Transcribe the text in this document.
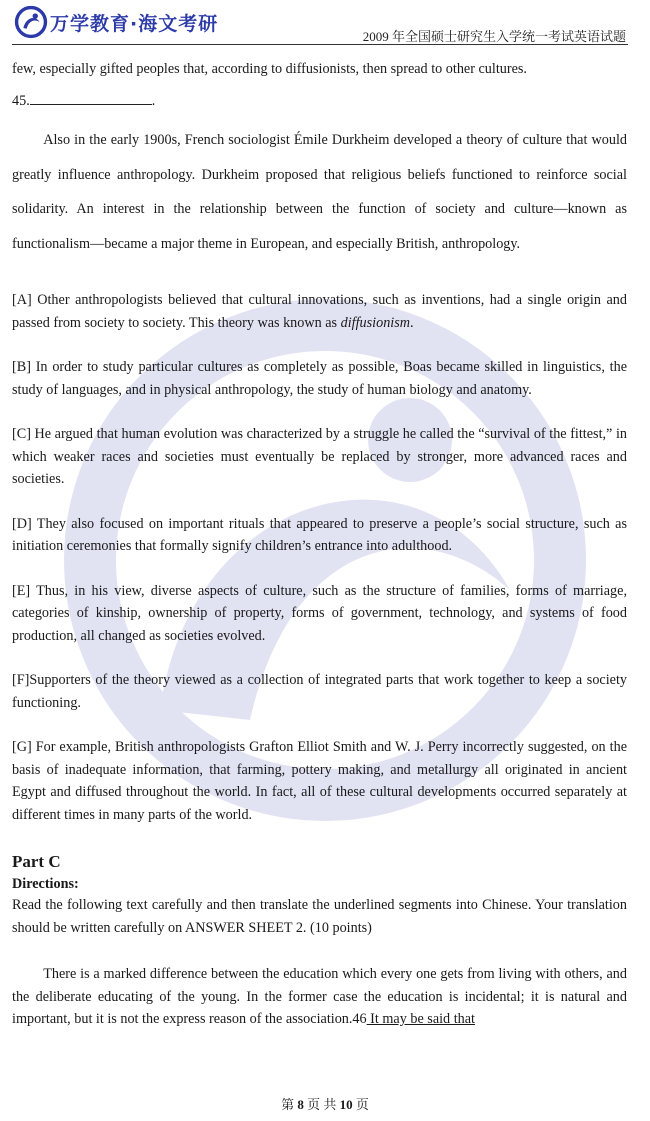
万学教育·海文考研
2009 年全国硕士研究生入学统一考试英语试题

few, especially gifted peoples that, according to diffusionists, then spread to other cultures.

45.	.

Also in the early 1900s, French sociologist Émile Durkheim developed a theory of culture that would greatly influence anthropology. Durkheim proposed that religious beliefs functioned to reinforce social solidarity. An interest in the relationship between the function of society and culture—known as functionalism—became a major theme in European, and especially British, anthropology.

[A] Other anthropologists believed that cultural innovations, such as inventions, had a single origin and passed from society to society. This theory was known as diffusionism.

[B] In order to study particular cultures as completely as possible, Boas became skilled in linguistics, the study of languages, and in physical anthropology, the study of human biology and anatomy.

[C] He argued that human evolution was characterized by a struggle he called the “survival of the fittest,” in which weaker races and societies must eventually be replaced by stronger, more advanced races and societies.

[D] They also focused on important rituals that appeared to preserve a people’s social structure, such as initiation ceremonies that formally signify children’s entrance into adulthood.

[E] Thus, in his view, diverse aspects of culture, such as the structure of families, forms of marriage, categories of kinship, ownership of property, forms of government, technology, and systems of food production, all changed as societies evolved.

[F]Supporters of the theory viewed as a collection of integrated parts that work together to keep a society functioning.

[G] For example, British anthropologists Grafton Elliot Smith and W. J. Perry incorrectly suggested, on the basis of inadequate information, that farming, pottery making, and metallurgy all originated in ancient Egypt and diffused throughout the world. In fact, all of these cultural developments occurred separately at different times in many parts of the world.

Part C

Directions:

Read the following text carefully and then translate the underlined segments into Chinese. Your translation should be written carefully on ANSWER SHEET 2. (10 points)

There is a marked difference between the education which every one gets from living with others, and the deliberate educating of the young. In the former case the education is incidental; it is natural and important, but it is not the express reason of the association.46 It may be said that

第 8 页 共 10 页
